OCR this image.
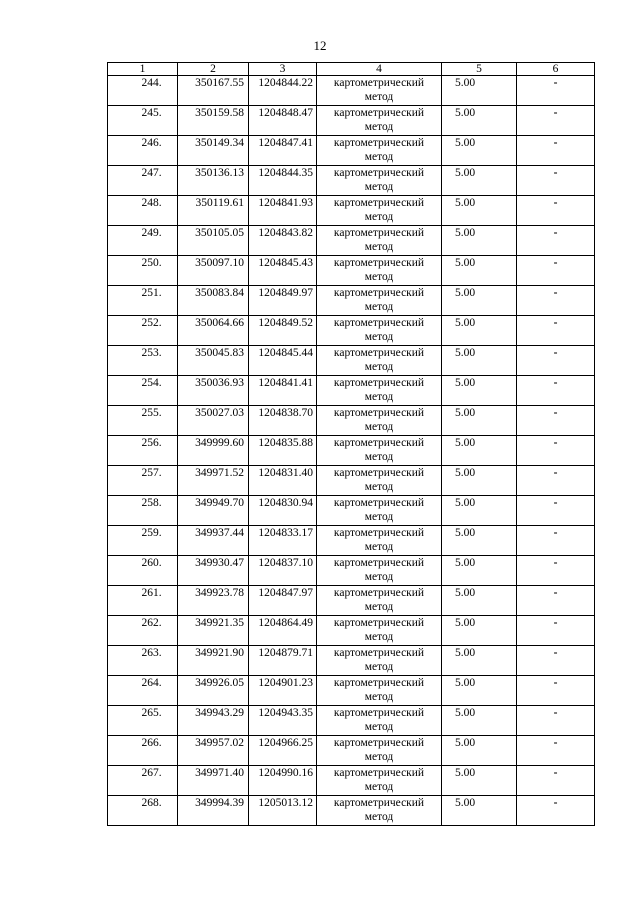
12
1	2	3	4	5	6
244.	350167.55	1204844.22	картометрический метод	5.00	-
245.	350159.58	1204848.47	картометрический метод	5.00	-
246.	350149.34	1204847.41	картометрический метод	5.00	-
247.	350136.13	1204844.35	картометрический метод	5.00	-
248.	350119.61	1204841.93	картометрический метод	5.00	-
249.	350105.05	1204843.82	картометрический метод	5.00	-
250.	350097.10	1204845.43	картометрический метод	5.00	-
251.	350083.84	1204849.97	картометрический метод	5.00	-
252.	350064.66	1204849.52	картометрический метод	5.00	-
253.	350045.83	1204845.44	картометрический метод	5.00	-
254.	350036.93	1204841.41	картометрический метод	5.00	-
255.	350027.03	1204838.70	картометрический метод	5.00	-
256.	349999.60	1204835.88	картометрический метод	5.00	-
257.	349971.52	1204831.40	картометрический метод	5.00	-
258.	349949.70	1204830.94	картометрический метод	5.00	-
259.	349937.44	1204833.17	картометрический метод	5.00	-
260.	349930.47	1204837.10	картометрический метод	5.00	-
261.	349923.78	1204847.97	картометрический метод	5.00	-
262.	349921.35	1204864.49	картометрический метод	5.00	-
263.	349921.90	1204879.71	картометрический метод	5.00	-
264.	349926.05	1204901.23	картометрический метод	5.00	-
265.	349943.29	1204943.35	картометрический метод	5.00	-
266.	349957.02	1204966.25	картометрический метод	5.00	-
267.	349971.40	1204990.16	картометрический метод	5.00	-
268.	349994.39	1205013.12	картометрический метод	5.00	-
